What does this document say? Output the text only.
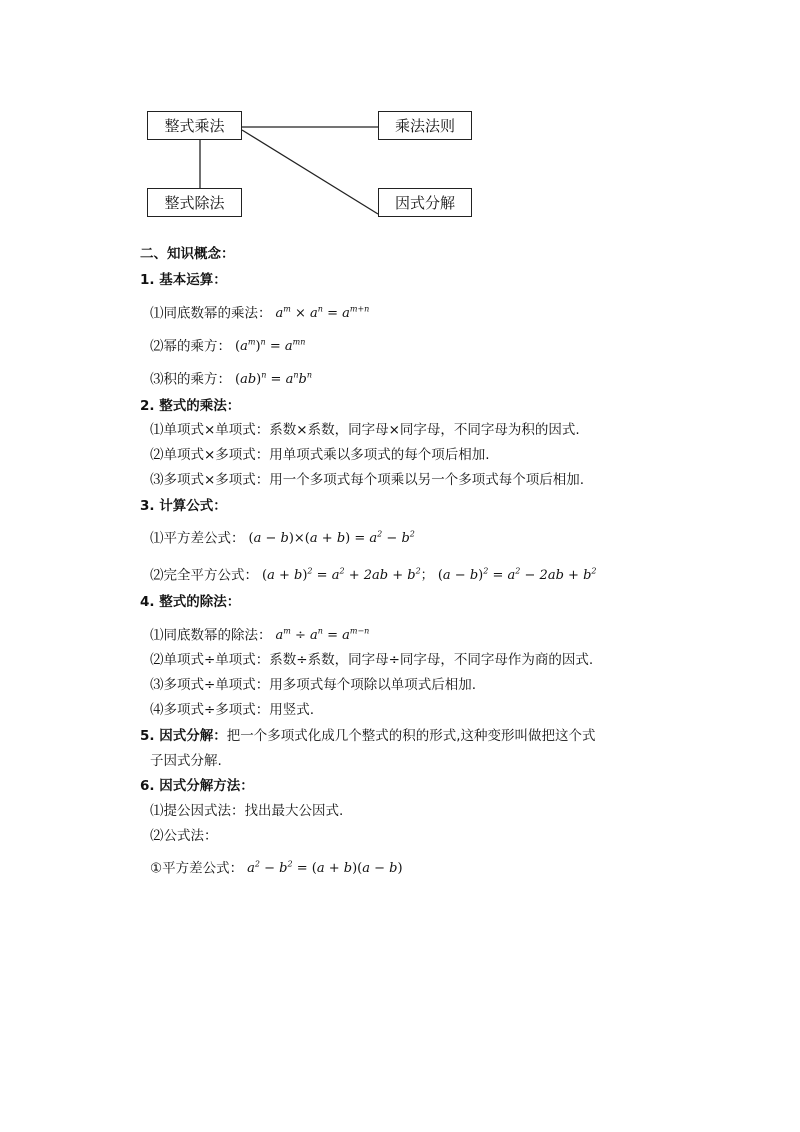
整式乘法	乘法法则
整式除法	因式分解
二、知识概念：
1. 基本运算：
⑴同底数幂的乘法： $a^m \times a^n = a^{m+n}$
⑵幂的乘方： $(a^m)^n = a^{mn}$
⑶积的乘方： $(ab)^n = a^nb^n$
2. 整式的乘法：
⑴单项式×单项式：系数×系数，同字母×同字母，不同字母为积的因式.
⑵单项式×多项式：用单项式乘以多项式的每个项后相加.
⑶多项式×多项式：用一个多项式每个项乘以另一个多项式每个项后相加.
3. 计算公式：
⑴平方差公式： $(a - b)\times(a + b) = a^2 - b^2$
⑵完全平方公式： $(a + b)^2 = a^2 + 2ab + b^2$； $(a - b)^2 = a^2 - 2ab + b^2$
4. 整式的除法：
⑴同底数幂的除法： $a^m \div a^n = a^{m-n}$
⑵单项式÷单项式：系数÷系数，同字母÷同字母，不同字母作为商的因式.
⑶多项式÷单项式：用多项式每个项除以单项式后相加.
⑷多项式÷多项式：用竖式.
5. 因式分解：把一个多项式化成几个整式的积的形式,这种变形叫做把这个式
子因式分解.
6. 因式分解方法：
⑴提公因式法：找出最大公因式.
⑵公式法：
①平方差公式： $a^2 - b^2 = (a + b)(a - b)$
